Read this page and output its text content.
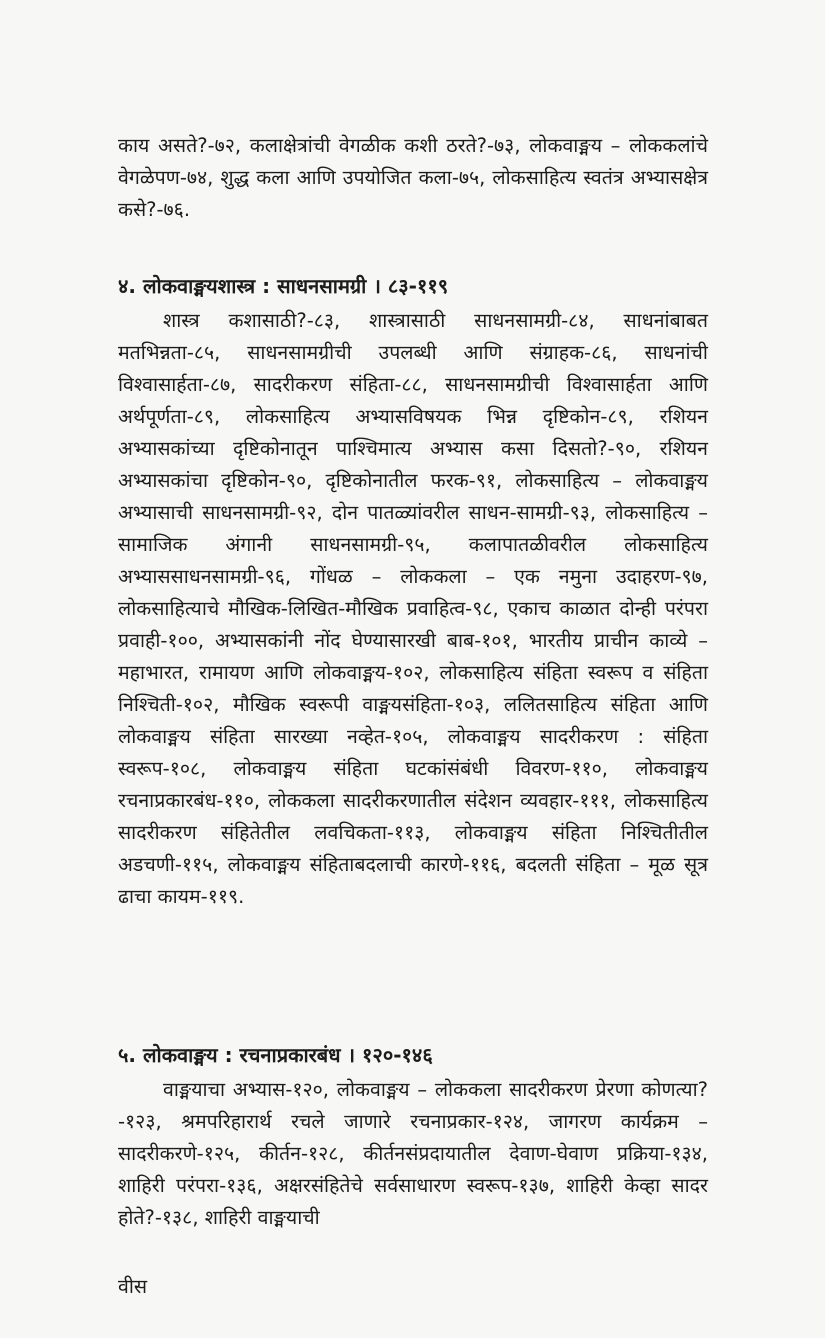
काय असते?-७२, कलाक्षेत्रांची वेगळीक कशी ठरते?-७३, लोकवाङ्मय – लोककलांचे वेगळेपण-७४, शुद्ध कला आणि उपयोजित कला-७५, लोकसाहित्य स्वतंत्र अभ्यासक्षेत्र कसे?-७६.

४. लोकवाङ्मयशास्त्र : साधनसामग्री । ८३-११९

शास्त्र कशासाठी?-८३, शास्त्रासाठी साधनसामग्री-८४, साधनांबाबत मतभिन्नता-८५, साधनसामग्रीची उपलब्धी आणि संग्राहक-८६, साधनांची विश्वासार्हता-८७, सादरीकरण संहिता-८८, साधनसामग्रीची विश्वासार्हता आणि अर्थपूर्णता-८९, लोकसाहित्य अभ्यासविषयक भिन्न दृष्टिकोन-८९, रशियन अभ्यासकांच्या दृष्टिकोनातून पाश्चिमात्य अभ्यास कसा दिसतो?-९०, रशियन अभ्यासकांचा दृष्टिकोन-९०, दृष्टिकोनातील फरक-९१, लोकसाहित्य – लोकवाङ्मय अभ्यासाची साधनसामग्री-९२, दोन पातळ्यांवरील साधन-सामग्री-९३, लोकसाहित्य – सामाजिक अंगानी साधनसामग्री-९५, कलापातळीवरील लोकसाहित्य अभ्याससाधनसामग्री-९६, गोंधळ – लोककला – एक नमुना उदाहरण-९७, लोकसाहित्याचे मौखिक-लिखित-मौखिक प्रवाहित्व-९८, एकाच काळात दोन्ही परंपरा प्रवाही-१००, अभ्यासकांनी नोंद घेण्यासारखी बाब-१०१, भारतीय प्राचीन काव्ये – महाभारत, रामायण आणि लोकवाङ्मय-१०२, लोकसाहित्य संहिता स्वरूप व संहिता निश्चिती-१०२, मौखिक स्वरूपी वाङ्मयसंहिता-१०३, ललितसाहित्य संहिता आणि लोकवाङ्मय संहिता सारख्या नव्हेत-१०५, लोकवाङ्मय सादरीकरण : संहिता स्वरूप-१०८, लोकवाङ्मय संहिता घटकांसंबंधी विवरण-११०, लोकवाङ्मय रचनाप्रकारबंध-११०, लोककला सादरीकरणातील संदेशन व्यवहार-१११, लोकसाहित्य सादरीकरण संहितेतील लवचिकता-११३, लोकवाङ्मय संहिता निश्चितीतील अडचणी-११५, लोकवाङ्मय संहिताबदलाची कारणे-११६, बदलती संहिता – मूळ सूत्र ढाचा कायम-११९.

५. लोकवाङ्मय : रचनाप्रकारबंध । १२०-१४६

वाङ्मयाचा अभ्यास-१२०, लोकवाङ्मय – लोककला सादरीकरण प्रेरणा कोणत्या?-१२३, श्रमपरिहारार्थ रचले जाणारे रचनाप्रकार-१२४, जागरण कार्यक्रम – सादरीकरणे-१२५, कीर्तन-१२८, कीर्तनसंप्रदायातील देवाण-घेवाण प्रक्रिया-१३४, शाहिरी परंपरा-१३६, अक्षरसंहितेचे सर्वसाधारण स्वरूप-१३७, शाहिरी केव्हा सादर होते?-१३८, शाहिरी वाङ्मयाची

वीस
